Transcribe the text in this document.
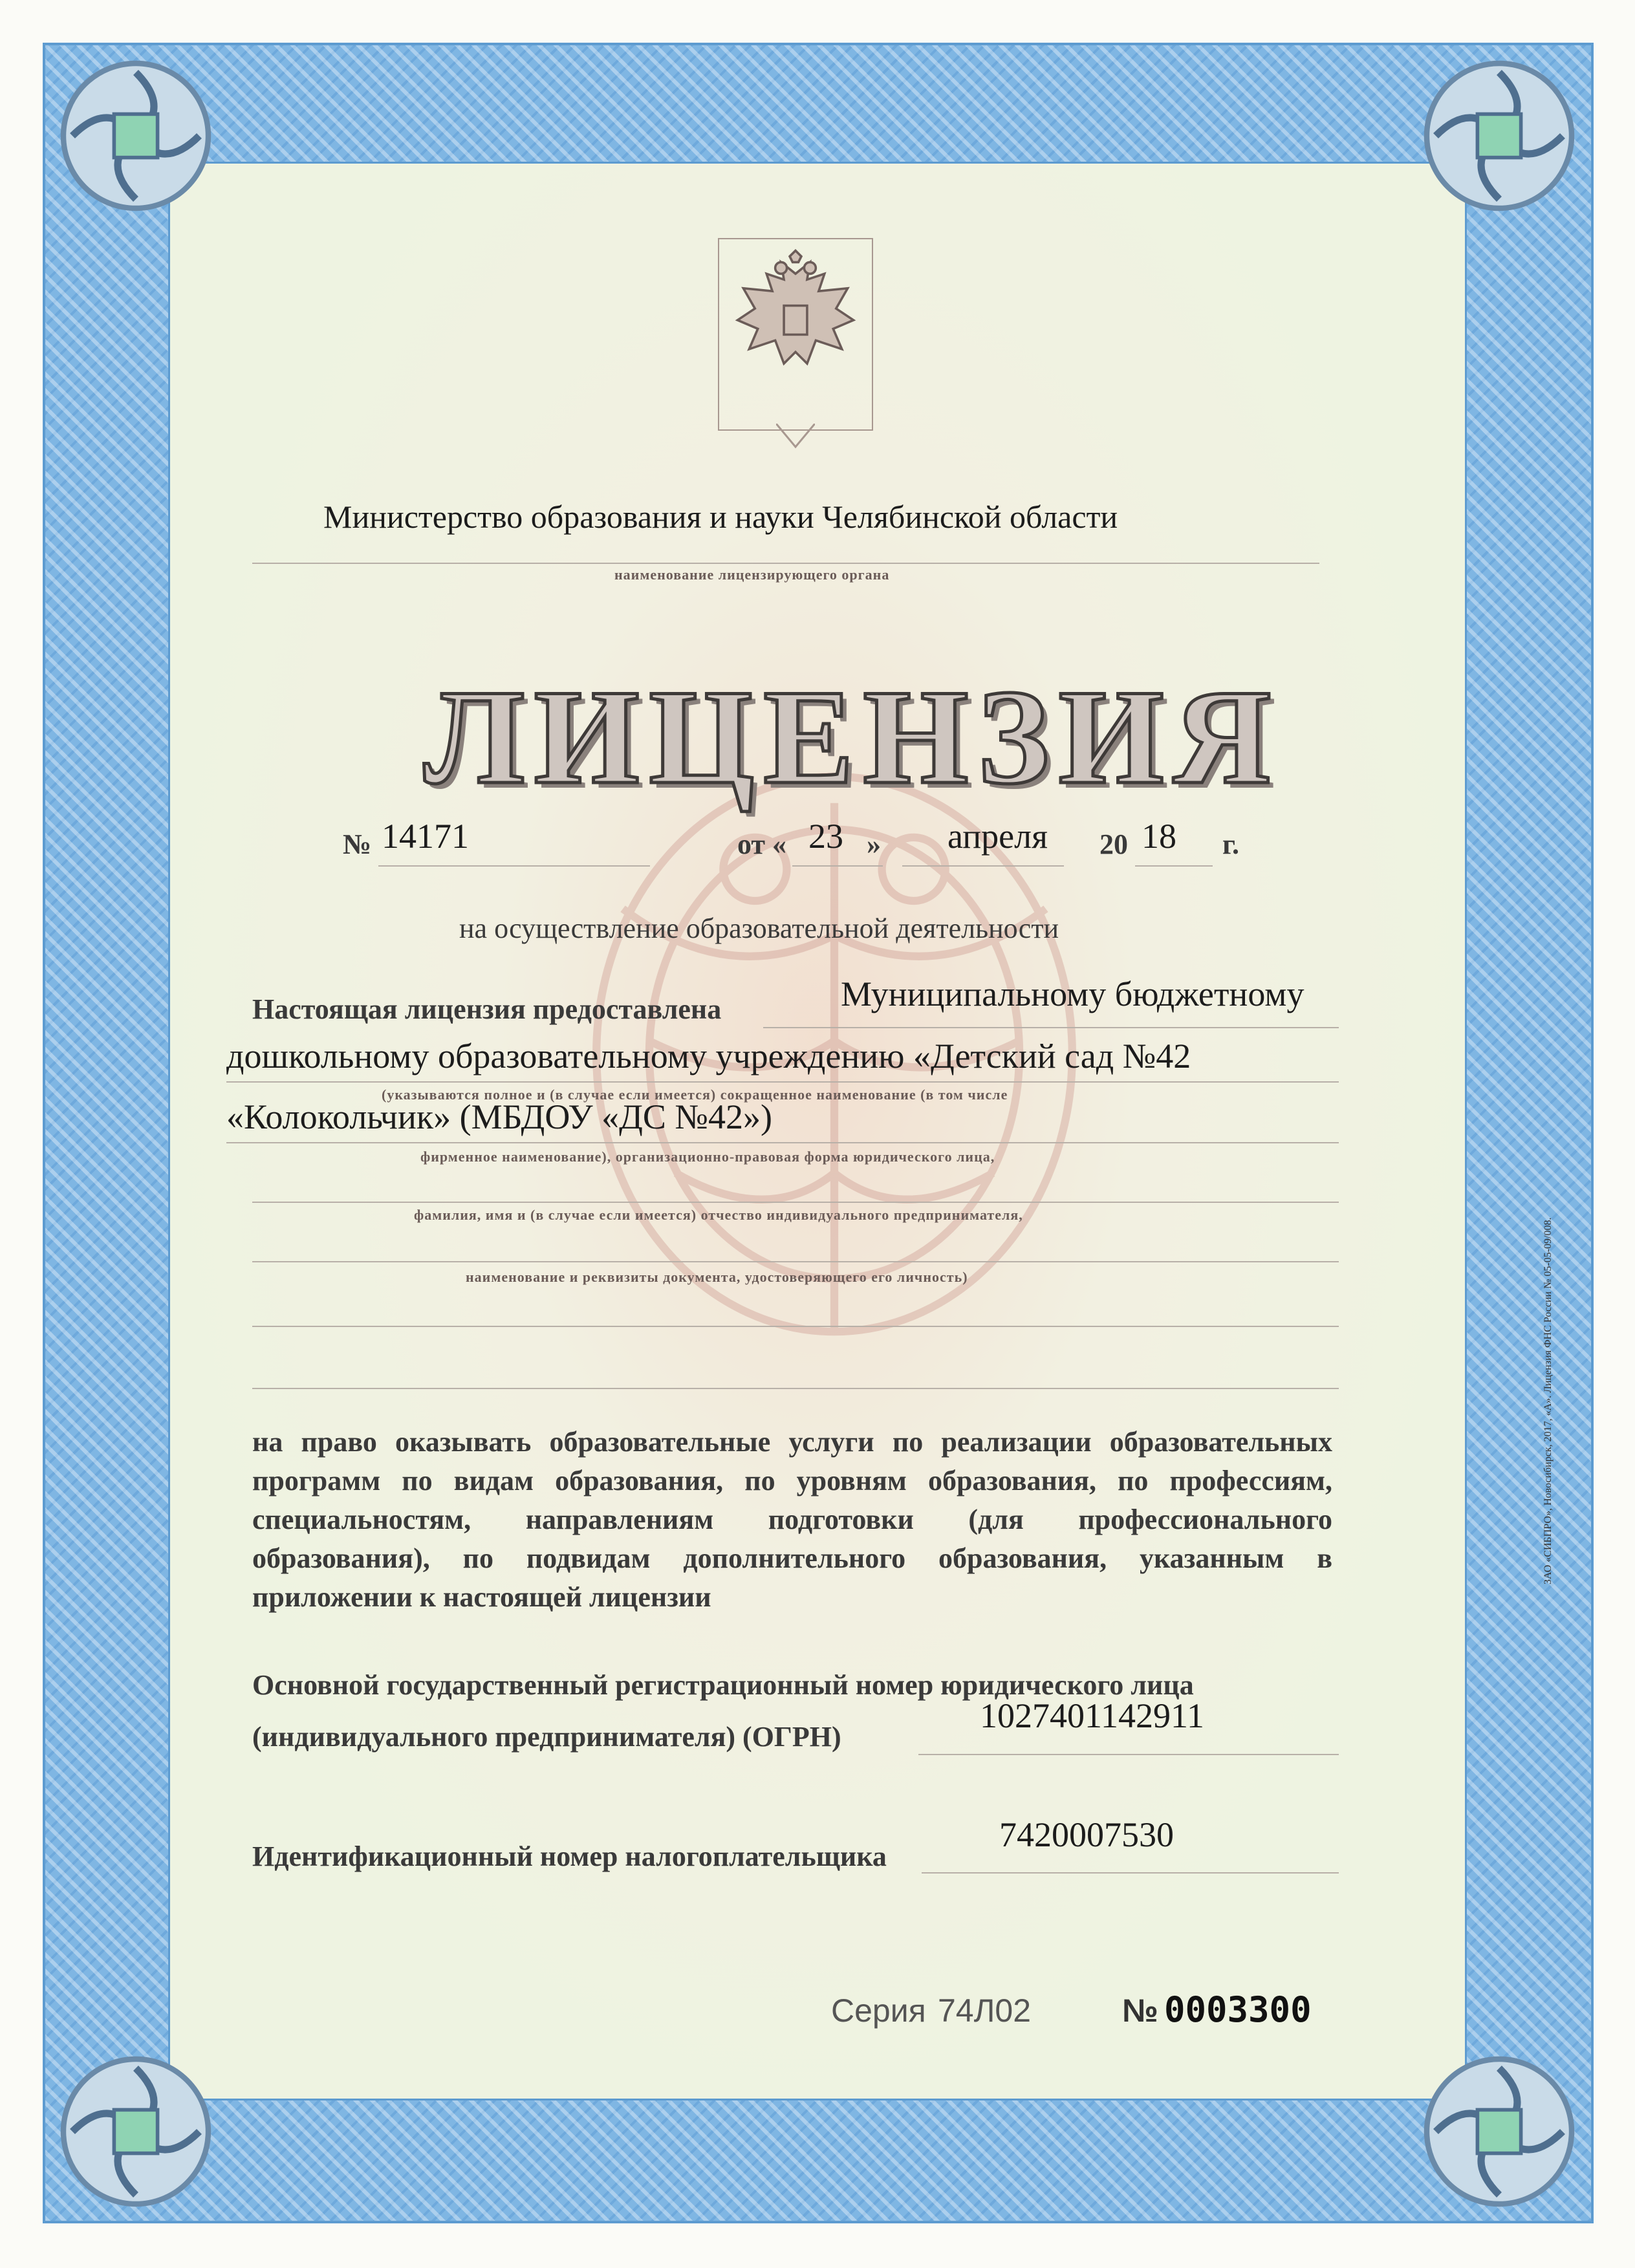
Министерство образования и науки Челябинской области
наименование лицензирующего органа
ЛИЦЕНЗИЯ
№ 14171	от « 23 » апреля 20 18 г.
на осуществление образовательной деятельности
Настоящая лицензия предоставлена	Муниципальному бюджетному
дошкольному образовательному учреждению «Детский сад №42
(указываются полное и (в случае если имеется) сокращенное наименование (в том числе
«Колокольчик» (МБДОУ «ДС №42»)
фирменное наименование), организационно-правовая форма юридического лица,
фамилия, имя и (в случае если имеется) отчество индивидуального предпринимателя,
наименование и реквизиты документа, удостоверяющего его личность)
на право оказывать образовательные услуги по реализации образовательных
программ по видам образования, по уровням образования, по профессиям,
специальностям, направлениям подготовки (для профессионального
образования), по подвидам дополнительного образования, указанным в
приложении к настоящей лицензии
Основной государственный регистрационный номер юридического лица
(индивидуального предпринимателя) (ОГРН)
1027401142911
Идентификационный номер налогоплательщика
7420007530
Серия 74Л02	№ 0003300
ЗАО «СИБПРО», Новосибирск, 2017, «А». Лицензия ФНС России № 05-05-09/008.
